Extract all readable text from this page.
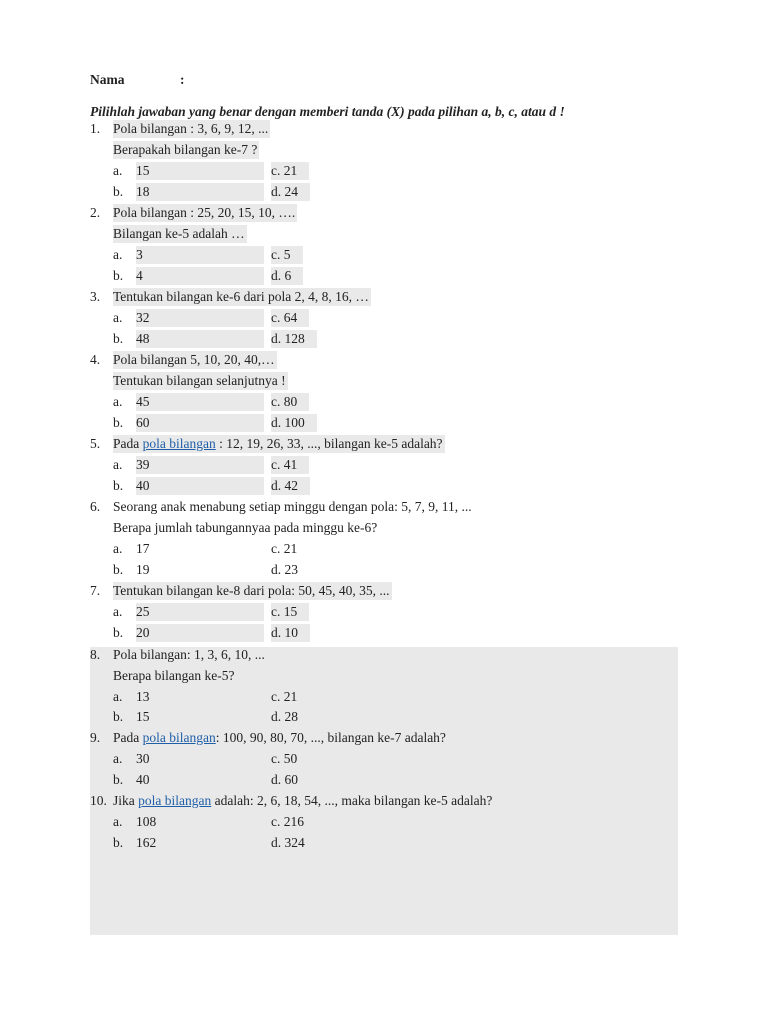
Nama	:
Pilihlah jawaban yang benar dengan memberi tanda (X) pada pilihan a, b, c, atau d !
1. Pola bilangan : 3, 6, 9, 12, ...
Berapakah bilangan ke-7 ?
a. 15	c. 21
b. 18	d. 24
2. Pola bilangan : 25, 20, 15, 10, ….
Bilangan ke-5 adalah …
a. 3	c. 5
b. 4	d. 6
3. Tentukan bilangan ke-6 dari pola 2, 4, 8, 16, …
a. 32	c. 64
b. 48	d. 128
4. Pola bilangan 5, 10, 20, 40,…
Tentukan bilangan selanjutnya !
a. 45	c. 80
b. 60	d. 100
5. Pada pola bilangan : 12, 19, 26, 33, ..., bilangan ke-5 adalah?
a. 39	c. 41
b. 40	d. 42
6. Seorang anak menabung setiap minggu dengan pola: 5, 7, 9, 11, ...
Berapa jumlah tabungannyaa pada minggu ke-6?
a. 17	c. 21
b. 19	d. 23
7. Tentukan bilangan ke-8 dari pola: 50, 45, 40, 35, ...
a. 25	c. 15
b. 20	d. 10
8. Pola bilangan: 1, 3, 6, 10, ...
Berapa bilangan ke-5?
a. 13	c. 21
b. 15	d. 28
9. Pada pola bilangan: 100, 90, 80, 70, ..., bilangan ke-7 adalah?
a. 30	c. 50
b. 40	d. 60
10. Jika pola bilangan adalah: 2, 6, 18, 54, ..., maka bilangan ke-5 adalah?
a. 108	c. 216
b. 162	d. 324
